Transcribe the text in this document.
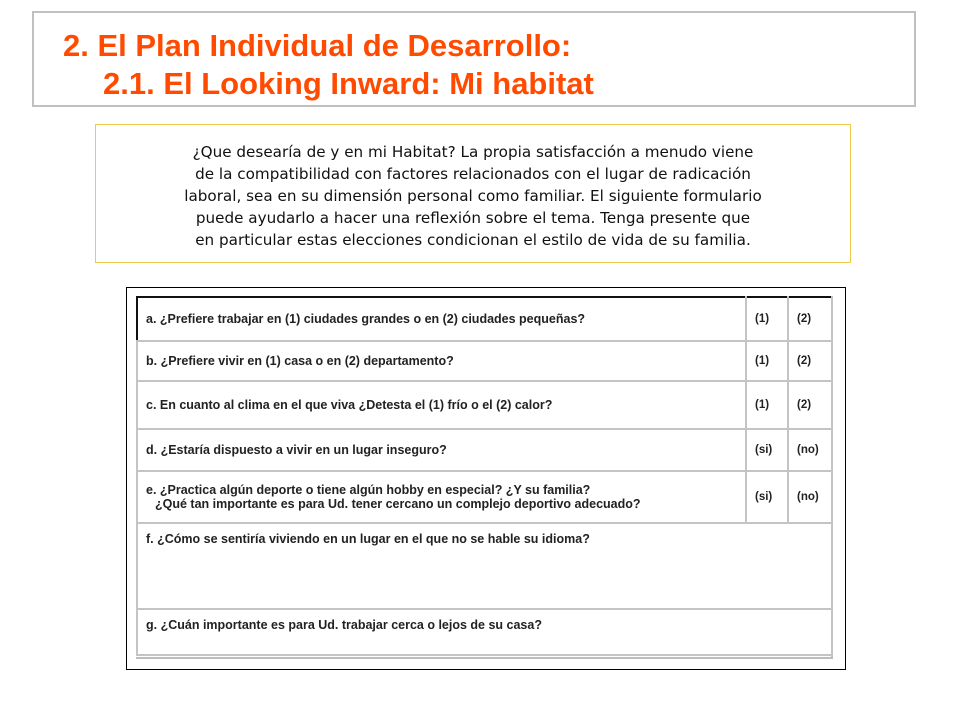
2. El Plan Individual de Desarrollo:
2.1. El Looking Inward: Mi habitat
¿Que desearía de y en mi Habitat? La propia satisfacción a menudo viene
de la compatibilidad con factores relacionados con el lugar de radicación
laboral, sea en su dimensión personal como familiar. El siguiente formulario
puede ayudarlo a hacer una reflexión sobre el tema. Tenga presente que
en particular estas elecciones condicionan el estilo de vida de su familia.
a. ¿Prefiere trabajar en (1) ciudades grandes o en (2) ciudades pequeñas?	(1)	(2)
b. ¿Prefiere vivir en (1) casa o en (2) departamento?	(1)	(2)
c. En cuanto al clima en el que viva ¿Detesta el (1) frío o el (2) calor?	(1)	(2)
d. ¿Estaría dispuesto a vivir en un lugar inseguro?	(si)	(no)
e. ¿Practica algún deporte o tiene algún hobby en especial? ¿Y su familia?
¿Qué tan importante es para Ud. tener cercano un complejo deportivo adecuado?	(si)	(no)
f. ¿Cómo se sentiría viviendo en un lugar en el que no se hable su idioma?		
g. ¿Cuán importante es para Ud. trabajar cerca o lejos de su casa?		
